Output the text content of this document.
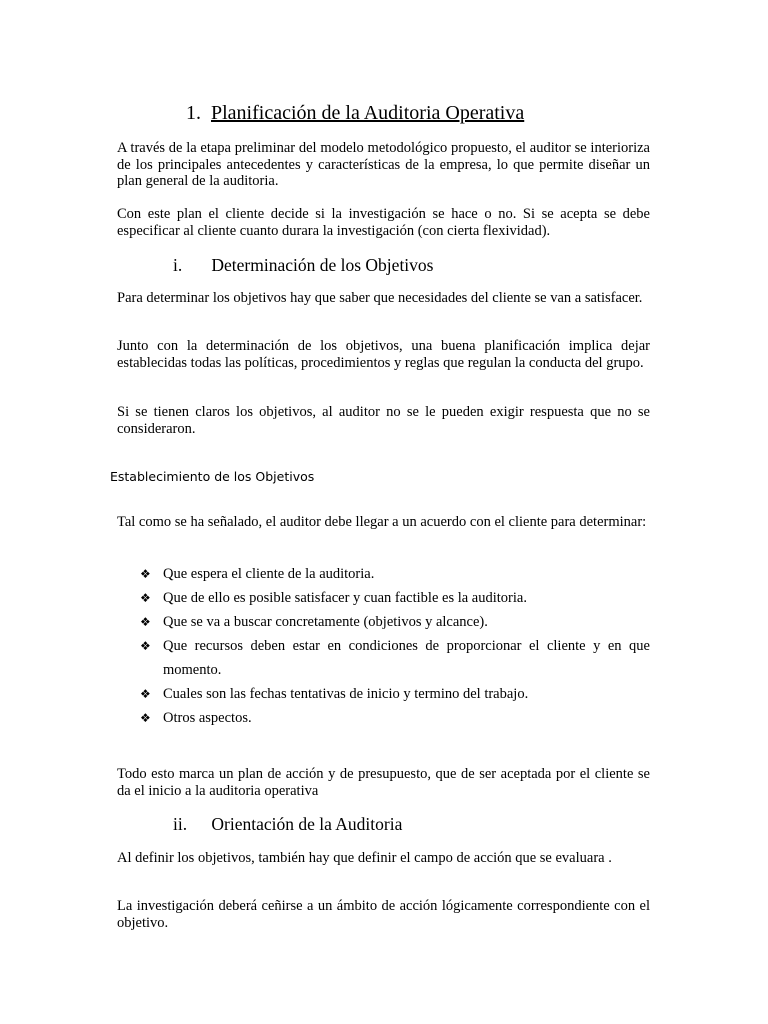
1. Planificación de la Auditoria Operativa

A través de la etapa preliminar del modelo metodológico propuesto, el auditor se interioriza de los principales antecedentes y características de la empresa, lo que permite diseñar un plan general de la auditoria.

Con este plan el cliente decide si la investigación se hace o no. Si se acepta se debe especificar al cliente cuanto durara la investigación (con cierta flexividad).

i. Determinación de los Objetivos

Para determinar los objetivos hay que saber que necesidades del cliente se van a satisfacer.

Junto con la determinación de los objetivos, una buena planificación implica dejar establecidas todas las políticas, procedimientos y reglas que regulan la conducta del grupo.

Si se tienen claros los objetivos, al auditor no se le pueden exigir respuesta que no se consideraron.

Establecimiento de los Objetivos

Tal como se ha señalado, el auditor debe llegar a un acuerdo con el cliente para determinar:

❖ Que espera el cliente de la auditoria.
❖ Que de ello es posible satisfacer y cuan factible es la auditoria.
❖ Que se va a buscar concretamente (objetivos y alcance).
❖ Que recursos deben estar en condiciones de proporcionar el cliente y en que momento.
❖ Cuales son las fechas tentativas de inicio y termino del trabajo.
❖ Otros aspectos.

Todo esto marca un plan de acción y de presupuesto, que de ser aceptada por el cliente se da el inicio a la auditoria operativa

ii. Orientación de la Auditoria

Al definir los objetivos, también hay que definir el campo de acción que se evaluara .

La investigación deberá ceñirse a un ámbito de acción lógicamente correspondiente con el objetivo.
